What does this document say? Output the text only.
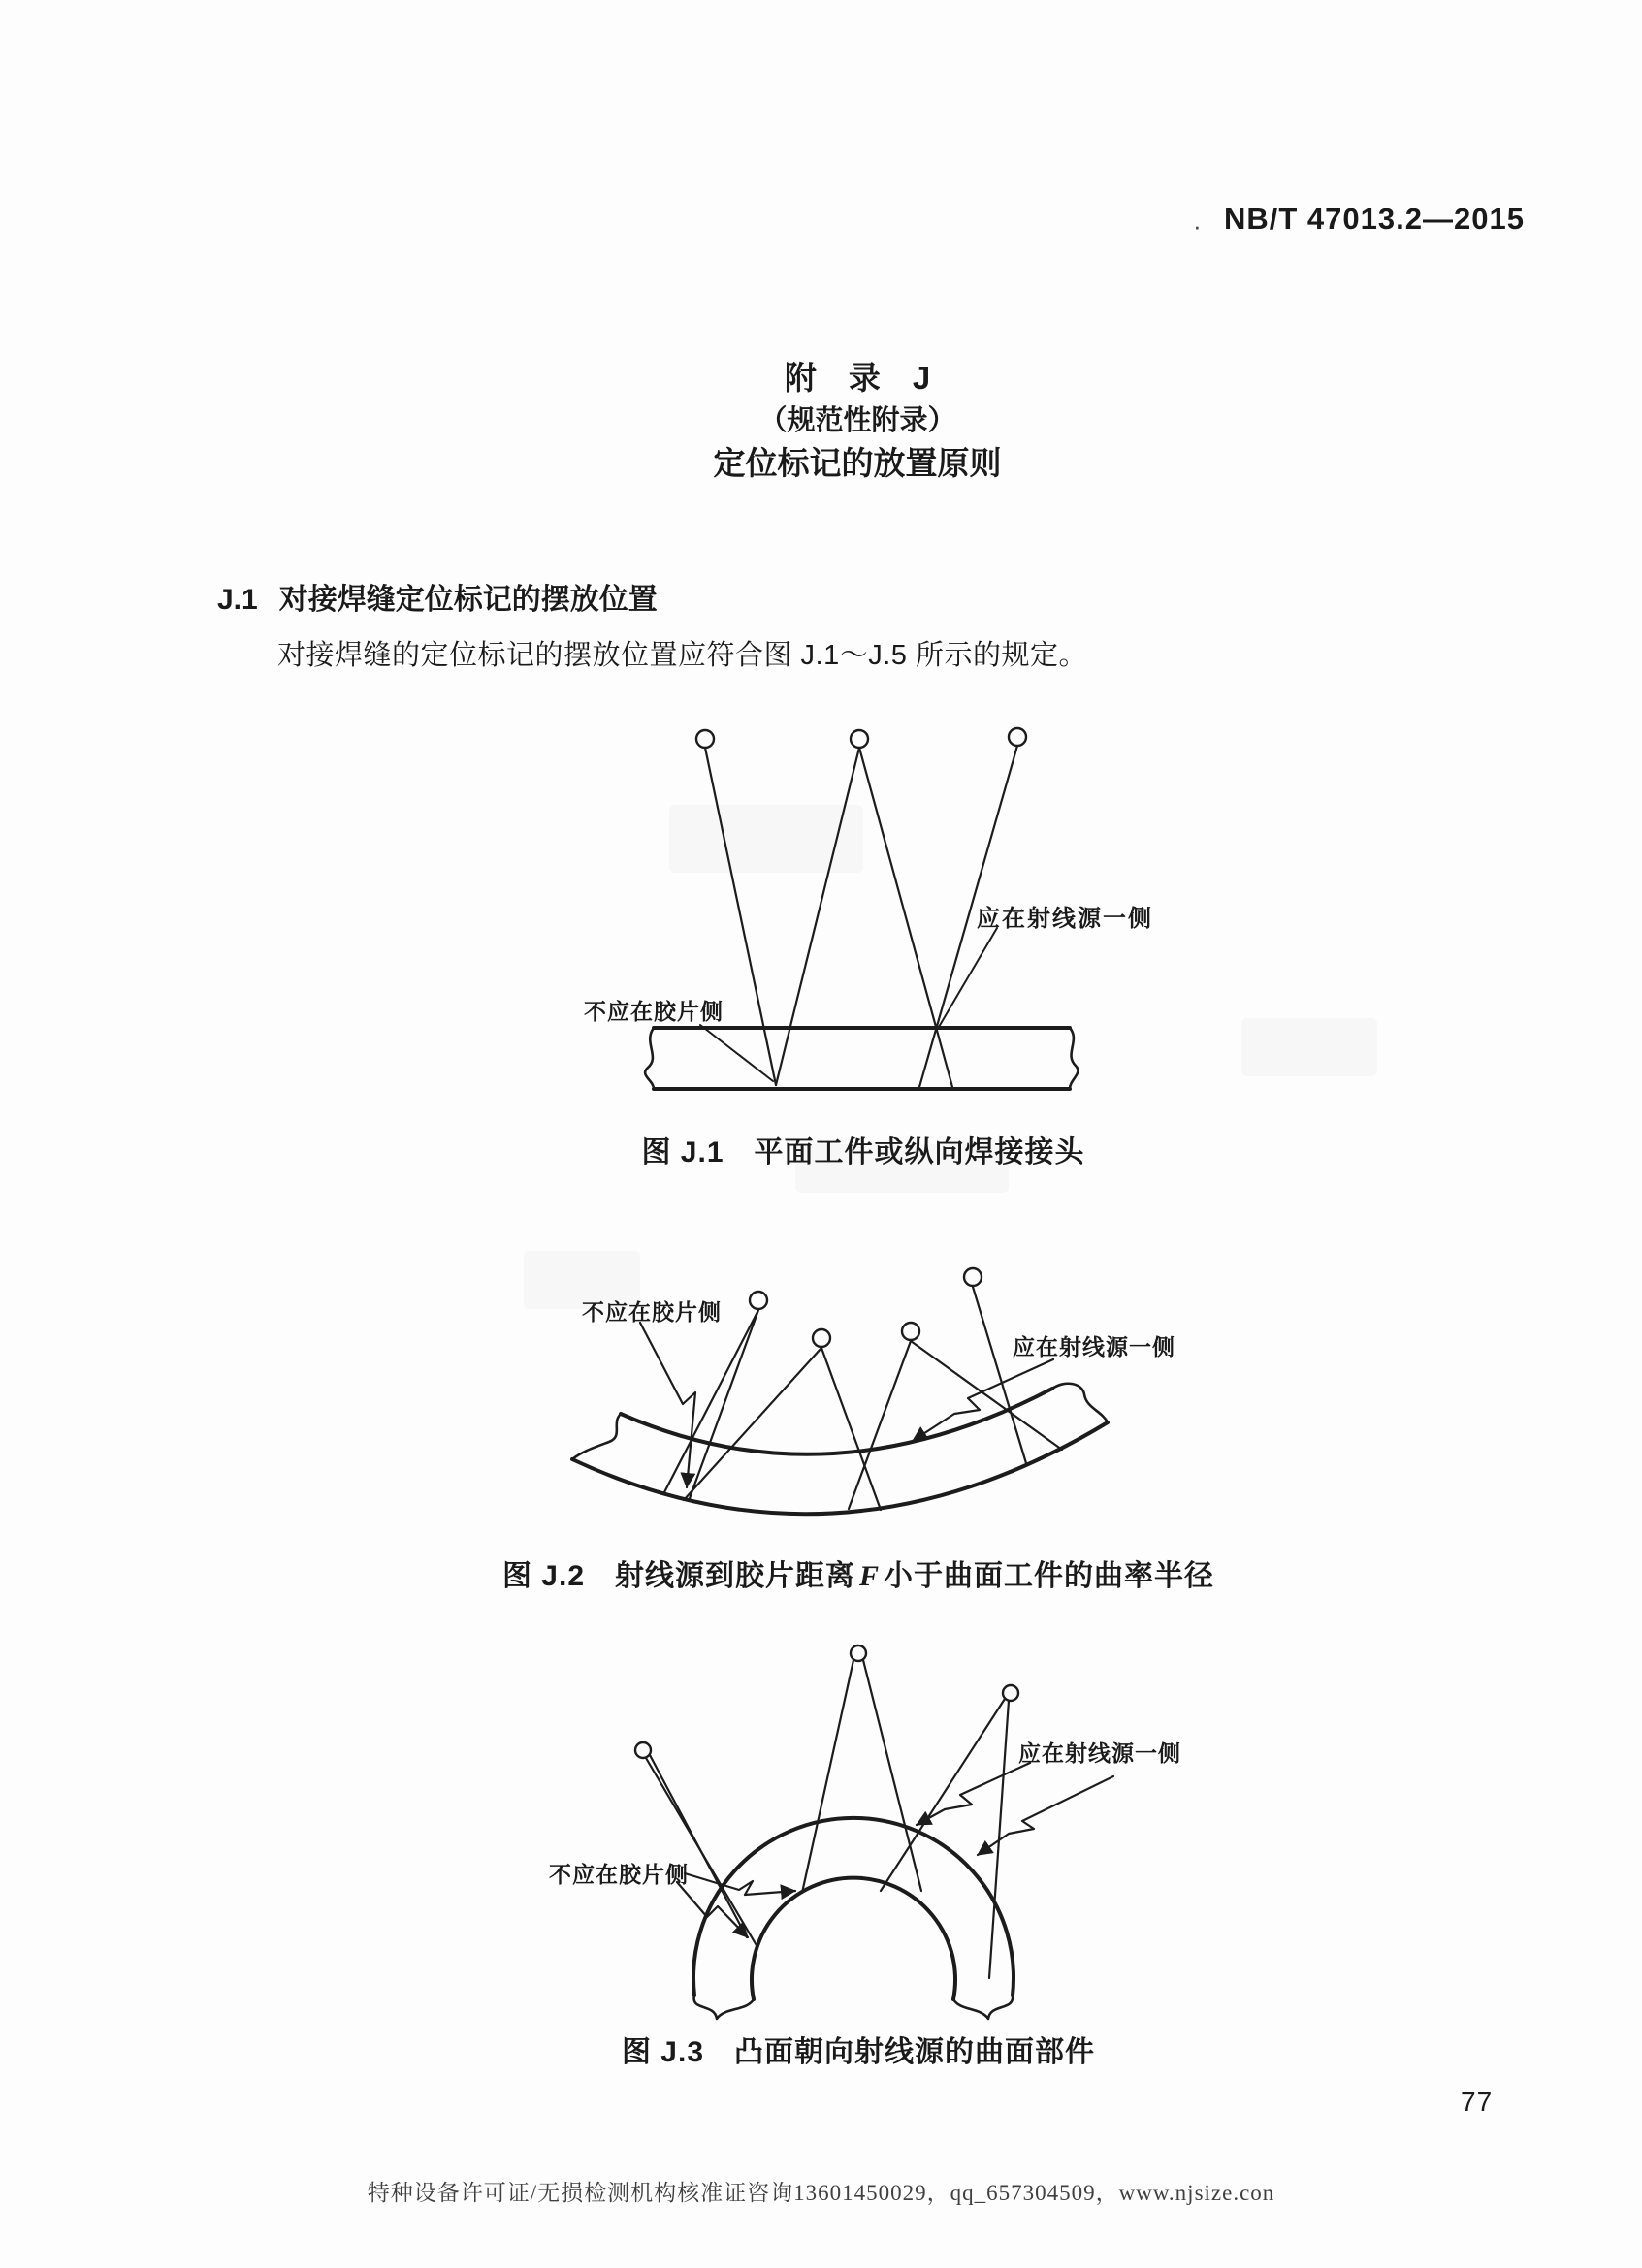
· NB/T 47013.2—2015
附　录　J
（规范性附录）
定位标记的放置原则
J.1 对接焊缝定位标记的摆放位置
对接焊缝的定位标记的摆放位置应符合图 J.1～J.5 所示的规定。
不应在胶片侧
应在射线源一侧
图 J.1　平面工件或纵向焊接接头
不应在胶片侧
应在射线源一侧
图 J.2　射线源到胶片距离 F 小于曲面工件的曲率半径
不应在胶片侧
应在射线源一侧
图 J.3　凸面朝向射线源的曲面部件
77
特种设备许可证/无损检测机构核准证咨询13601450029，qq_657304509，www.njsize.con
